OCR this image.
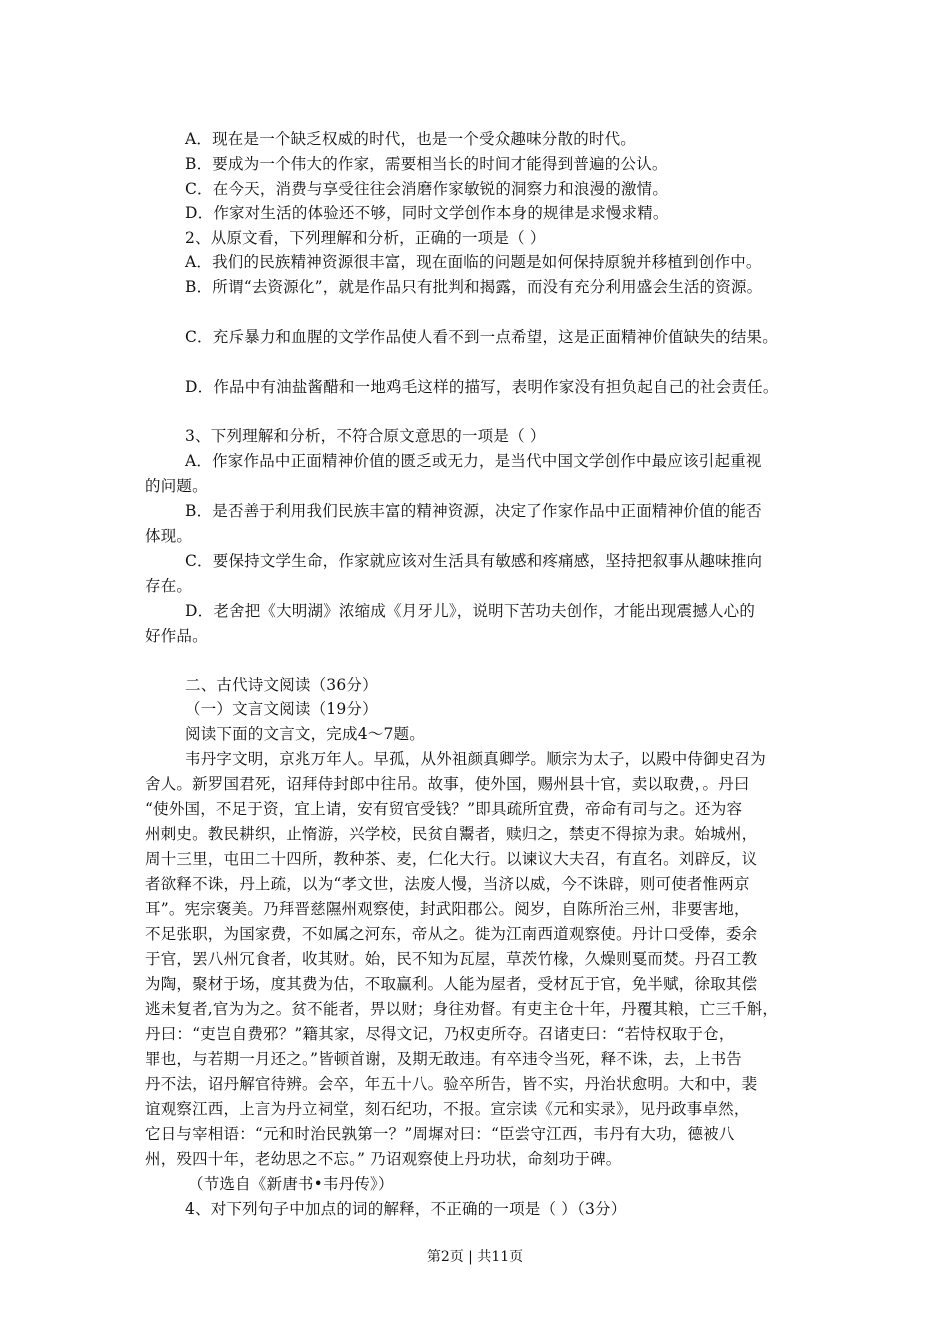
A．现在是一个缺乏权威的时代，也是一个受众趣味分散的时代。
B．要成为一个伟大的作家，需要相当长的时间才能得到普遍的公认。
C．在今天，消费与享受往往会消磨作家敏锐的洞察力和浪漫的激情。
D．作家对生活的体验还不够，同时文学创作本身的规律是求慢求精。
2、从原文看，下列理解和分析，正确的一项是（ ）
A．我们的民族精神资源很丰富，现在面临的问题是如何保持原貌并移植到创作中。
B．所谓“去资源化”，就是作品只有批判和揭露，而没有充分利用盛会生活的资源。
C．充斥暴力和血腥的文学作品使人看不到一点希望，这是正面精神价值缺失的结果。
D．作品中有油盐酱醋和一地鸡毛这样的描写，表明作家没有担负起自己的社会责任。
3、下列理解和分析，不符合原文意思的一项是（ ）
A．作家作品中正面精神价值的匮乏或无力，是当代中国文学创作中最应该引起重视
的问题。
B．是否善于利用我们民族丰富的精神资源，决定了作家作品中正面精神价值的能否
体现。
C．要保持文学生命，作家就应该对生活具有敏感和疼痛感，坚持把叙事从趣味推向
存在。
D．老舍把《大明湖》浓缩成《月牙儿》，说明下苦功夫创作，才能出现震撼人心的
好作品。
二、古代诗文阅读（36分）
（一）文言文阅读（19分）
阅读下面的文言文，完成4～7题。
韦丹字文明，京兆万年人。早孤，从外祖颜真卿学。顺宗为太子，以殿中侍御史召为
舍人。新罗国君死，诏拜侍封郎中往吊。故事，使外国，赐州县十官，卖以取费，。丹曰
“使外国，不足于资，宜上请，安有贸官受钱？”即具疏所宜费，帝命有司与之。还为容
州刺史。教民耕织，止惰游，兴学校，民贫自鬻者，赎归之，禁吏不得掠为隶。始城州，
周十三里，屯田二十四所，教种茶、麦，仁化大行。以谏议大夫召，有直名。刘辟反，议
者欲释不诛，丹上疏，以为“孝文世，法废人慢，当济以威，今不诛辟，则可使者惟两京
耳”。宪宗褒美。乃拜晋慈隰州观察使，封武阳郡公。阅岁，自陈所治三州，非要害地，
不足张职，为国家费，不如属之河东，帝从之。徙为江南西道观察使。丹计口受俸，委余
于官，罢八州冗食者，收其财。始，民不知为瓦屋，草茨竹椽，久燥则戛而焚。丹召工教
为陶，聚材于场，度其费为估，不取赢利。人能为屋者，受材瓦于官，免半赋，徐取其偿
逃未复者,官为为之。贫不能者，畀以财；身往劝督。有吏主仓十年，丹覆其粮，亡三千斛，
丹曰：“吏岂自费邪？”籍其家，尽得文记，乃权吏所夺。召诸吏曰：“若恃权取于仓，
罪也，与若期一月还之。”皆顿首谢，及期无敢违。有卒违令当死，释不诛，去，上书告
丹不法，诏丹解官待辨。会卒，年五十八。验卒所告，皆不实，丹治状愈明。大和中，裴
谊观察江西，上言为丹立祠堂，刻石纪功，不报。宣宗读《元和实录》，见丹政事卓然，
它日与宰相语：“元和时治民孰第一？”周墀对曰：“臣尝守江西，韦丹有大功，德被八
州，殁四十年，老幼思之不忘。” 乃诏观察使上丹功状，命刻功于碑。
（节选自《新唐书•韦丹传》）
4、对下列句子中加点的词的解释，不正确的一项是（ ）（3分）
第2页 | 共11页
